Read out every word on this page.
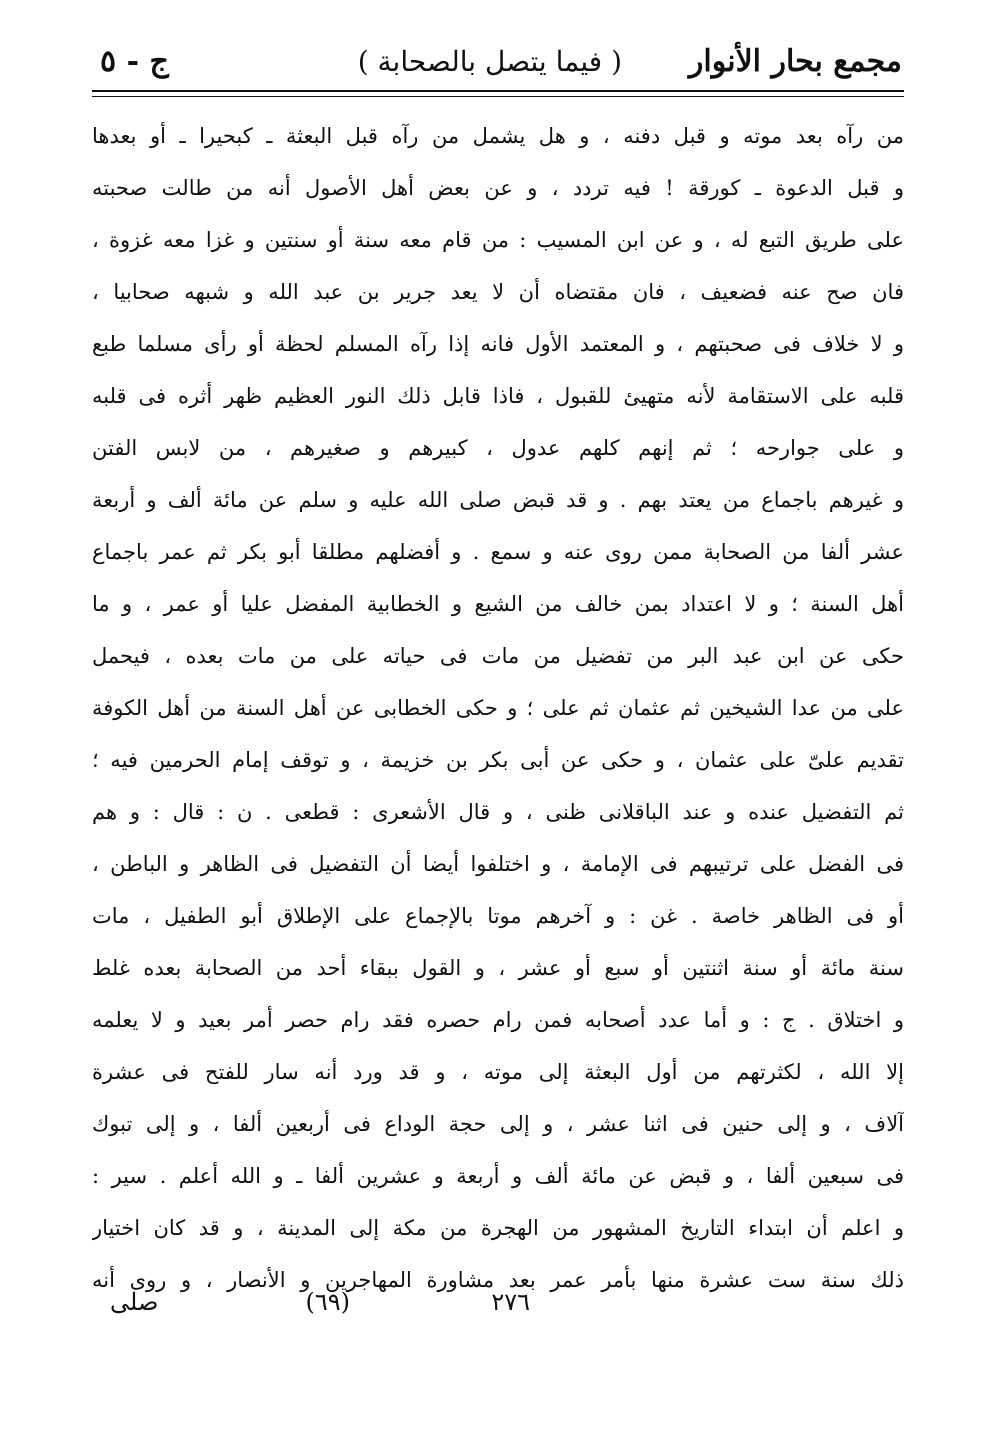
مجمع بحار الأنوار
( فيما يتصل بالصحابة )
ج - ٥
من رآه بعد موته و قبل دفنه ، و هل يشمل من رآه قبل البعثة ـ كبحيرا ـ أو بعدها
و قبل الدعوة ـ كورقة ! فيه تردد ، و عن بعض أهل الأصول أنه من طالت صحبته
على طريق التبع له ، و عن ابن المسيب : من قام معه سنة أو سنتين و غزا معه غزوة ،
فان صح عنه فضعيف ، فان مقتضاه أن لا يعد جرير بن عبد الله و شبهه صحابيا ،
و لا خلاف فى صحبتهم ، و المعتمد الأول فانه إذا رآه المسلم لحظة أو رأى مسلما طبع
قلبه على الاستقامة لأنه متهيئ للقبول ، فاذا قابل ذلك النور العظيم ظهر أثره فى قلبه
و على جوارحه ؛ ثم إنهم كلهم عدول ، كبيرهم و صغيرهم ، من لابس الفتن
و غيرهم باجماع من يعتد بهم . و قد قبض صلى الله عليه و سلم عن مائة ألف و أربعة
عشر ألفا من الصحابة ممن روى عنه و سمع . و أفضلهم مطلقا أبو بكر ثم عمر باجماع
أهل السنة ؛ و لا اعتداد بمن خالف من الشيع و الخطابية المفضل عليا أو عمر ، و ما
حكى عن ابن عبد البر من تفضيل من مات فى حياته على من مات بعده ، فيحمل
على من عدا الشيخين ثم عثمان ثم على ؛ و حكى الخطابى عن أهل السنة من أهل الكوفة
تقديم علىّ على عثمان ، و حكى عن أبى بكر بن خزيمة ، و توقف إمام الحرمين فيه ؛
ثم التفضيل عنده و عند الباقلانى ظنى ، و قال الأشعرى : قطعى . ن : قال : و هم
فى الفضل على ترتيبهم فى الإمامة ، و اختلفوا أيضا أن التفضيل فى الظاهر و الباطن ،
أو فى الظاهر خاصة . غن : و آخرهم موتا بالإجماع على الإطلاق أبو الطفيل ، مات
سنة مائة أو سنة اثنتين أو سبع أو عشر ، و القول ببقاء أحد من الصحابة بعده غلط
و اختلاق . ج : و أما عدد أصحابه فمن رام حصره فقد رام حصر أمر بعيد و لا يعلمه
إلا الله ، لكثرتهم من أول البعثة إلى موته ، و قد ورد أنه سار للفتح فى عشرة
آلاف ، و إلى حنين فى اثنا عشر ، و إلى حجة الوداع فى أربعين ألفا ، و إلى تبوك
فى سبعين ألفا ، و قبض عن مائة ألف و أربعة و عشرين ألفا ـ و الله أعلم . سير :
و اعلم أن ابتداء التاريخ المشهور من الهجرة من مكة إلى المدينة ، و قد كان اختيار
ذلك سنة ست عشرة منها بأمر عمر بعد مشاورة المهاجرين و الأنصار ، و روى أنه
٢٧٦
(٦٩)
صلى
